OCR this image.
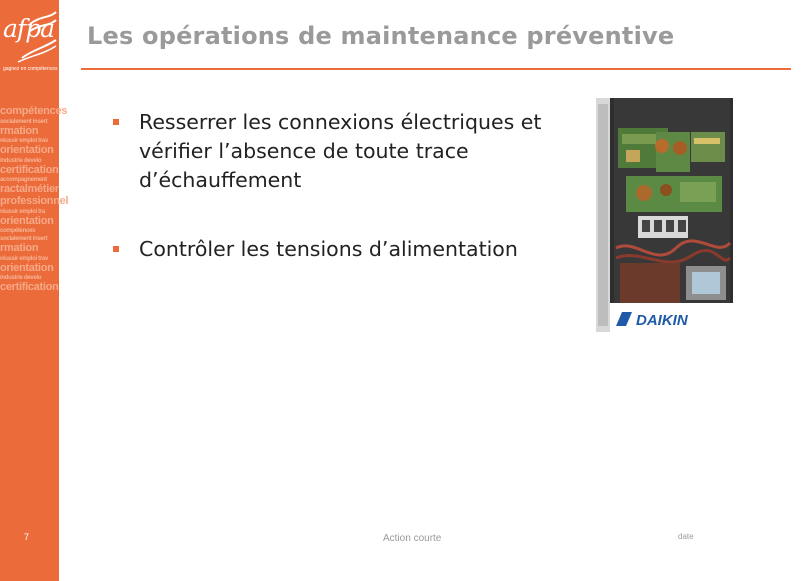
afpa
gagnez en compétences
compétences
socialement insert
rmation
réussir emploi trav
orientation
industrie develo
certification
accompagnement
ractalmétier
professionnel
réussir emploi tra
orientation
compétences
socialement insert
rmation
réussir emploi trav
orientation
industrie develo
certification
7
Les opérations de maintenance préventive
Resserrer les connexions électriques et vérifier l’absence de toute trace d’échauffement
Contrôler les tensions d’alimentation
DAIKIN
Action courte	date
